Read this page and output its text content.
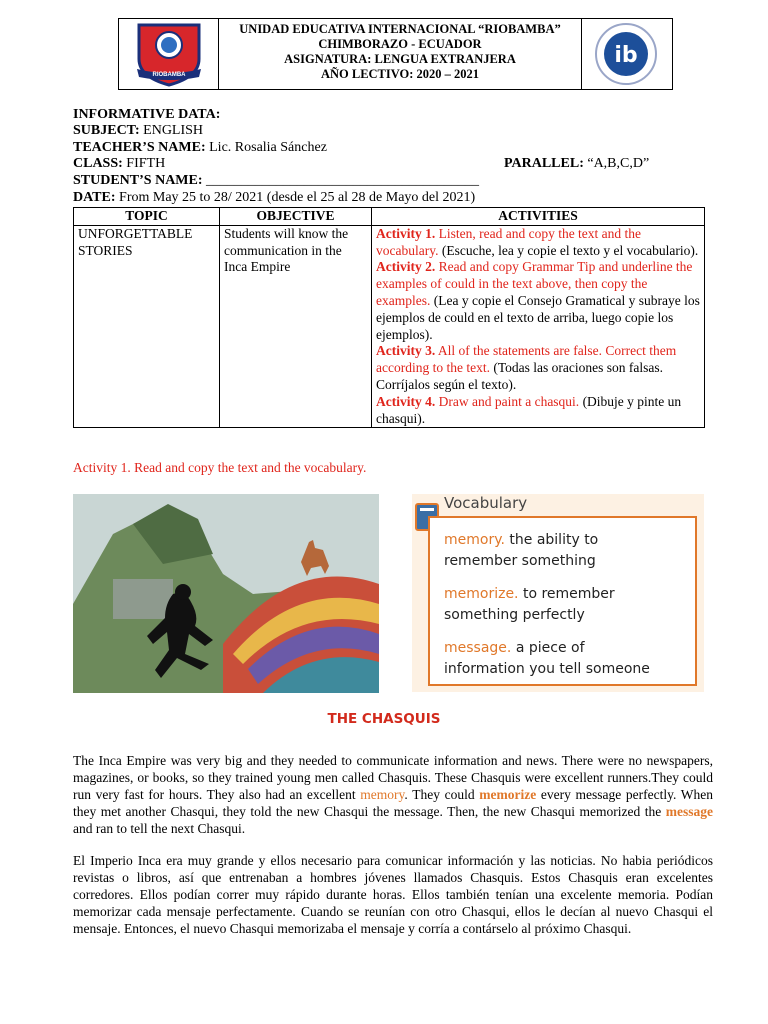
RIOBAMBA
UNIDAD EDUCATIVA INTERNACIONAL “RIOBAMBA”
CHIMBORAZO - ECUADOR
ASIGNATURA: LENGUA EXTRANJERA
AÑO LECTIVO: 2020 – 2021
ib
INFORMATIVE DATA:
SUBJECT: ENGLISH
TEACHER’S NAME: Lic. Rosalia Sánchez
CLASS: FIFTH	PARALLEL: “A,B,C,D”
STUDENT’S NAME: _______________________________________
DATE: From May 25 to 28/ 2021 (desde el 25 al 28 de Mayo del 2021)
TOPIC	OBJECTIVE	ACTIVITIES
UNFORGETTABLE STORIES	Students will know the communication in the Inca Empire	Activity 1. Listen, read and copy the text and the vocabulary. (Escuche, lea y copie el texto y el vocabulario).
Activity 2. Read and copy Grammar Tip and underline the examples of could in the text above, then copy the examples. (Lea y copie el Consejo Gramatical y subraye los ejemplos de could en el texto de arriba, luego copie los ejemplos).
Activity 3. All of the statements are false. Correct them according to the text. (Todas las oraciones son falsas. Corríjalos según el texto).
Activity 4. Draw and paint a chasqui. (Dibuje y pinte un chasqui).
Activity 1. Read and copy the text and the vocabulary.
Vocabulary
memory. the ability to
remember something
memorize. to remember
something perfectly
message. a piece of
information you tell someone
THE CHASQUIS
The Inca Empire was very big and they needed to communicate information and news. There were no newspapers, magazines, or books, so they trained young men called Chasquis. These Chasquis were excellent runners.They could run very fast for hours. They also had an excellent memory. They could memorize every message perfectly. When they met another Chasqui, they told the new Chasqui the message. Then, the new Chasqui memorized the message and ran to tell the next Chasqui.
El Imperio Inca era muy grande y ellos necesario para comunicar información y las noticias. No habia periódicos revistas o libros, así que entrenaban a hombres jóvenes llamados Chasquis. Estos Chasquis eran excelentes corredores. Ellos podían correr muy rápido durante horas. Ellos también tenían una excelente memoria. Podían memorizar cada mensaje perfectamente. Cuando se reunían con otro Chasqui, ellos le decían al nuevo Chasqui el mensaje. Entonces, el nuevo Chasqui memorizaba el mensaje y corría a contárselo al próximo Chasqui.
